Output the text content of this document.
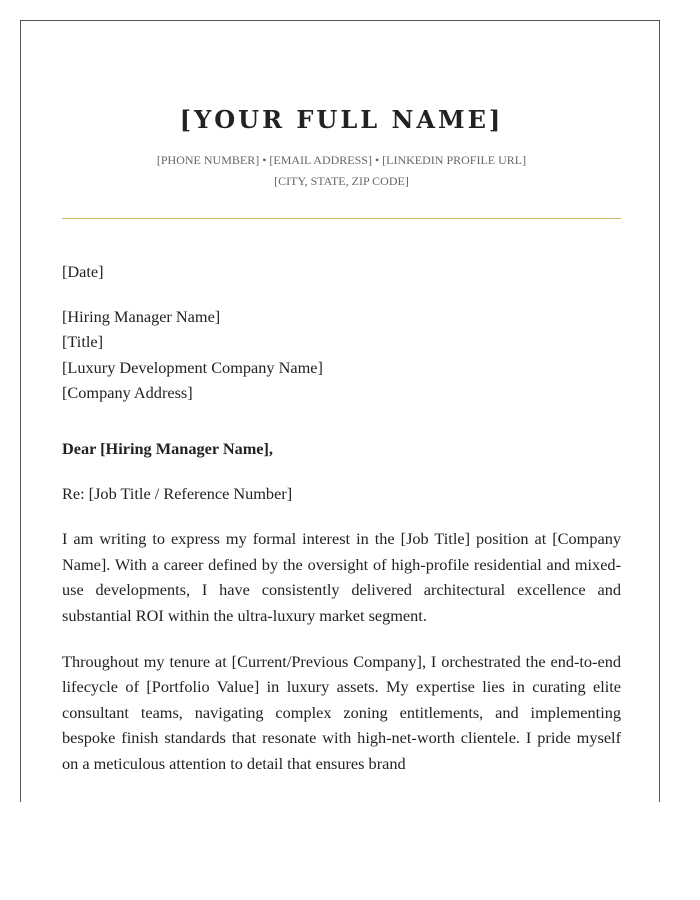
[YOUR FULL NAME]
[PHONE NUMBER] • [EMAIL ADDRESS] • [LINKEDIN PROFILE URL]
[CITY, STATE, ZIP CODE]

[Date]

[Hiring Manager Name]

[Title]

[Luxury Development Company Name]

[Company Address]

Dear [Hiring Manager Name],

Re: [Job Title / Reference Number]

I am writing to express my formal interest in the [Job Title] position at [Company Name]. With a career defined by the oversight of high-profile residential and mixed-use developments, I have consistently delivered architectural excellence and substantial ROI within the ultra-luxury market segment.

Throughout my tenure at [Current/Previous Company], I orchestrated the end-to-end lifecycle of [Portfolio Value] in luxury assets. My expertise lies in curating elite consultant teams, navigating complex zoning entitlements, and implementing bespoke finish standards that resonate with high-net-worth clientele. I pride myself on a meticulous attention to detail that ensures brand
